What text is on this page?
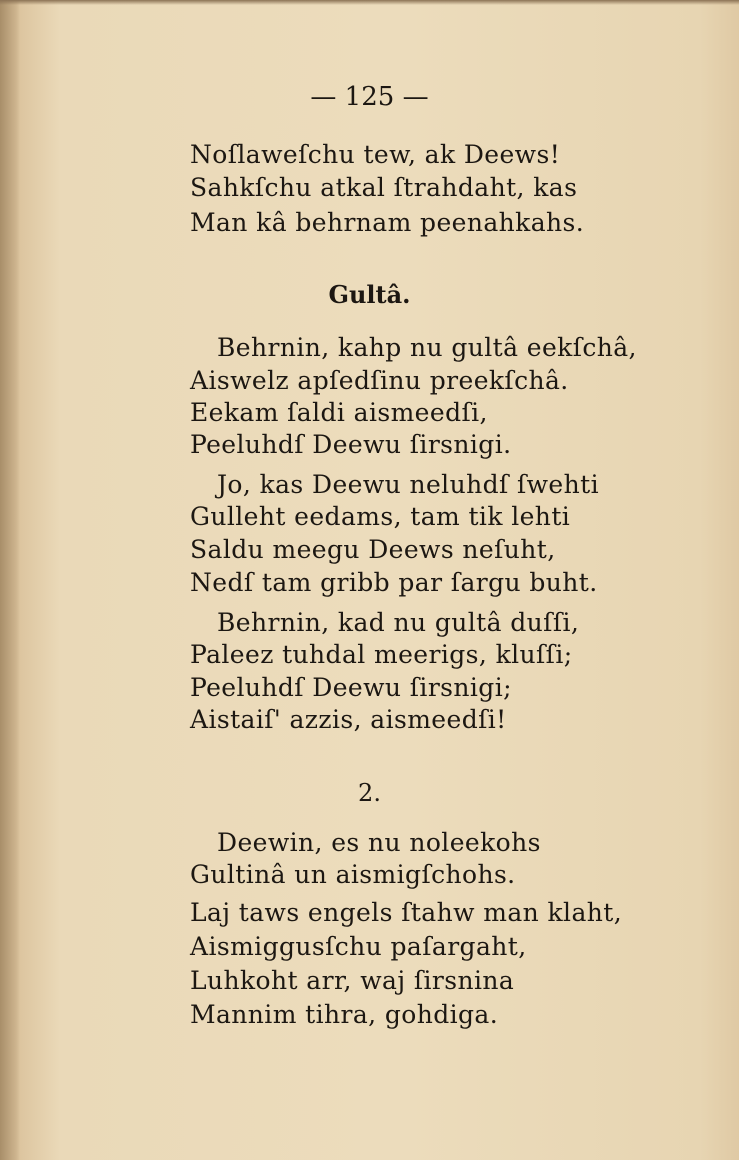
— 125 —
Noſlaweſchu tew, ak Deews!
Sahkſchu atkal ſtrahdaht, kas
Man kâ behrnam peenahkahs.
Gultâ.
Behrnin, kahp nu gultâ eekſchâ,
Aiswelz apſedſinu preekſchâ.
Eekam ſaldi aismeedſi,
Peeluhdſ Deewu ſirsnigi.
Jo, kas Deewu neluhdſ ſwehti
Gulleht eedams, tam tik lehti
Saldu meegu Deews neſuht,
Nedſ tam gribb par ſargu buht.
Behrnin, kad nu gultâ duſſi,
Paleez tuhdal meerigs, kluſſi;
Peeluhdſ Deewu ſirsnigi;
Aistaiſ' azzis, aismeedſi!
2.
Deewin, es nu noleekohs
Gultinâ un aismigſchohs.
Laj taws engels ſtahw man klaht,
Aismiggusſchu paſargaht,
Luhkoht arr, waj ſirsnina
Mannim tihra, gohdiga.
